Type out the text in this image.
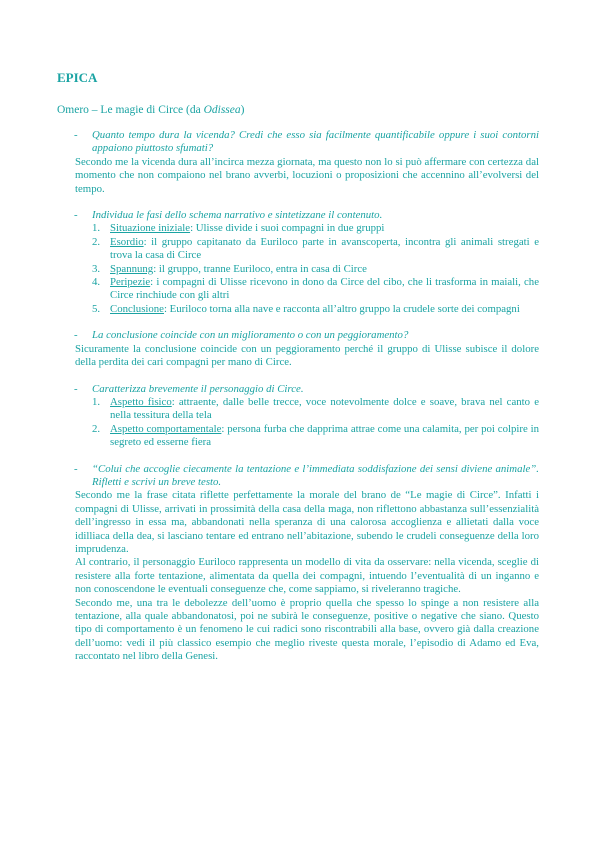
EPICA
Omero – Le magie di Circe (da Odissea)
- Quanto tempo dura la vicenda? Credi che esso sia facilmente quantificabile oppure i suoi contorni appaiono piuttosto sfumati?

Secondo me la vicenda dura all’incirca mezza giornata, ma questo non lo si può affermare con certezza dal momento che non compaiono nel brano avverbi, locuzioni o proposizioni che accennino all’evolversi del tempo.

- Individua le fasi dello schema narrativo e sintetizzane il contenuto.
1. Situazione iniziale: Ulisse divide i suoi compagni in due gruppi
2. Esordio: il gruppo capitanato da Euriloco parte in avanscoperta, incontra gli animali stregati e trova la casa di Circe
3. Spannung: il gruppo, tranne Euriloco, entra in casa di Circe
4. Peripezie: i compagni di Ulisse ricevono in dono da Circe del cibo, che li trasforma in maiali, che Circe rinchiude con gli altri
5. Conclusione: Euriloco torna alla nave e racconta all’altro gruppo la crudele sorte dei compagni
- La conclusione coincide con un miglioramento o con un peggioramento?

Sicuramente la conclusione coincide con un peggioramento perché il gruppo di Ulisse subisce il dolore della perdita dei cari compagni per mano di Circe.

- Caratterizza brevemente il personaggio di Circe.
1. Aspetto fisico: attraente, dalle belle trecce, voce notevolmente dolce e soave, brava nel canto e nella tessitura della tela
2. Aspetto comportamentale: persona furba che dapprima attrae come una calamita, per poi colpire in segreto ed esserne fiera
- “Colui che accoglie ciecamente la tentazione e l’immediata soddisfazione dei sensi diviene animale”. Rifletti e scrivi un breve testo.

Secondo me la frase citata riflette perfettamente la morale del brano de “Le magie di Circe”. Infatti i compagni di Ulisse, arrivati in prossimità della casa della maga, non riflettono abbastanza sull’essenzialità dell’ingresso in essa ma, abbandonati nella speranza di una calorosa accoglienza e allietati dalla voce idilliaca della dea, si lasciano tentare ed entrano nell’abitazione, subendo le crudeli conseguenze della loro imprudenza.

Al contrario, il personaggio Euriloco rappresenta un modello di vita da osservare: nella vicenda, sceglie di resistere alla forte tentazione, alimentata da quella dei compagni, intuendo l’eventualità di un inganno e non conoscendone le eventuali conseguenze che, come sappiamo, si riveleranno tragiche.

Secondo me, una tra le debolezze dell’uomo è proprio quella che spesso lo spinge a non resistere alla tentazione, alla quale abbandonatosi, poi ne subirà le conseguenze, positive o negative che siano. Questo tipo di comportamento è un fenomeno le cui radici sono riscontrabili alla base, ovvero già dalla creazione dell’uomo: vedi il più classico esempio che meglio riveste questa morale, l’episodio di Adamo ed Eva, raccontato nel libro della Genesi.
